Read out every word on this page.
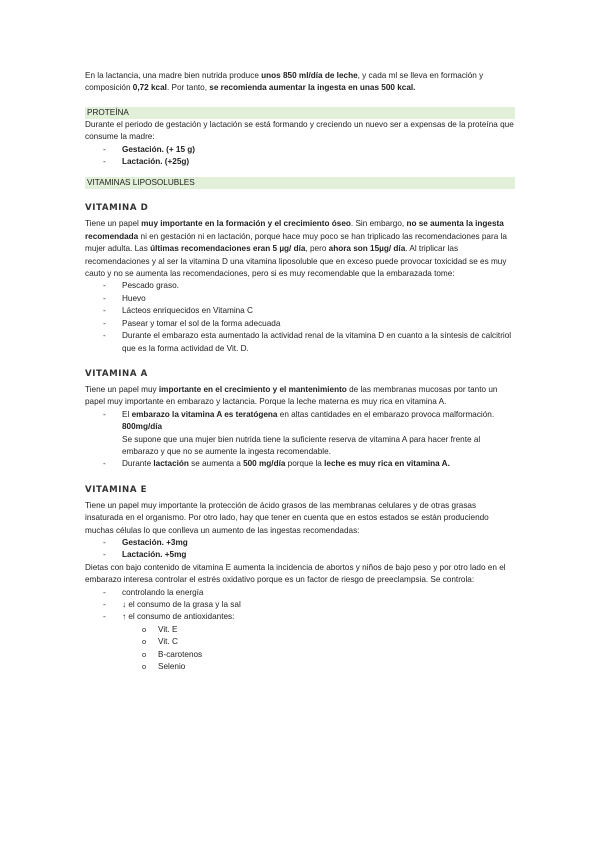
En la lactancia, una madre bien nutrida produce unos 850 ml/día de leche, y cada ml se lleva en formación y composición 0,72 kcal. Por tanto, se recomienda aumentar la ingesta en unas 500 kcal.

PROTEÍNA

Durante el periodo de gestación y lactación se está formando y creciendo un nuevo ser a expensas de la proteína que consume la madre:

- Gestación. (+ 15 g)
- Lactación. (+25g)
VITAMINAS LIPOSOLUBLES
VITAMINA D

Tiene un papel muy importante en la formación y el crecimiento óseo. Sin embargo, no se aumenta la ingesta recomendada ni en gestación ni en lactación, porque hace muy poco se han triplicado las recomendaciones para la mujer adulta. Las últimas recomendaciones eran 5 µg/ día, pero ahora son 15µg/ día. Al triplicar las recomendaciones y al ser la vitamina D una vitamina liposoluble que en exceso puede provocar toxicidad se es muy cauto y no se aumenta las recomendaciones, pero si es muy recomendable que la embarazada tome:

- Pescado graso.
- Huevo
- Lácteos enriquecidos en Vitamina C
- Pasear y tomar el sol de la forma adecuada
- Durante el embarazo esta aumentado la actividad renal de la vitamina D en cuanto a la síntesis de calcitriol que es la forma actividad de Vit. D.
VITAMINA A

Tiene un papel muy importante en el crecimiento y el mantenimiento de las membranas mucosas por tanto un papel muy importante en embarazo y lactancia. Porque la leche materna es muy rica en vitamina A.

- El embarazo la vitamina A es teratógena en altas cantidades en el embarazo provoca malformación. 800mg/día
Se supone que una mujer bien nutrida tiene la suficiente reserva de vitamina A para hacer frente al embarazo y que no se aumente la ingesta recomendable.
- Durante lactación se aumenta a 500 mg/día porque la leche es muy rica en vitamina A.
VITAMINA E

Tiene un papel muy importante la protección de ácido grasos de las membranas celulares y de otras grasas insaturada en el organismo. Por otro lado, hay que tener en cuenta que en estos estados se están produciendo muchas células lo que conlleva un aumento de las ingestas recomendadas:

- Gestación. +3mg
- Lactación. +5mg

Dietas con bajo contenido de vitamina E aumenta la incidencia de abortos y niños de bajo peso y por otro lado en el embarazo interesa controlar el estrés oxidativo porque es un factor de riesgo de preeclampsia. Se controla:

- controlando la energía
- ↓ el consumo de la grasa y la sal
- ↑ el consumo de antioxidantes:
o Vit. E
o Vit. C
o B-carotenos
o Selenio
